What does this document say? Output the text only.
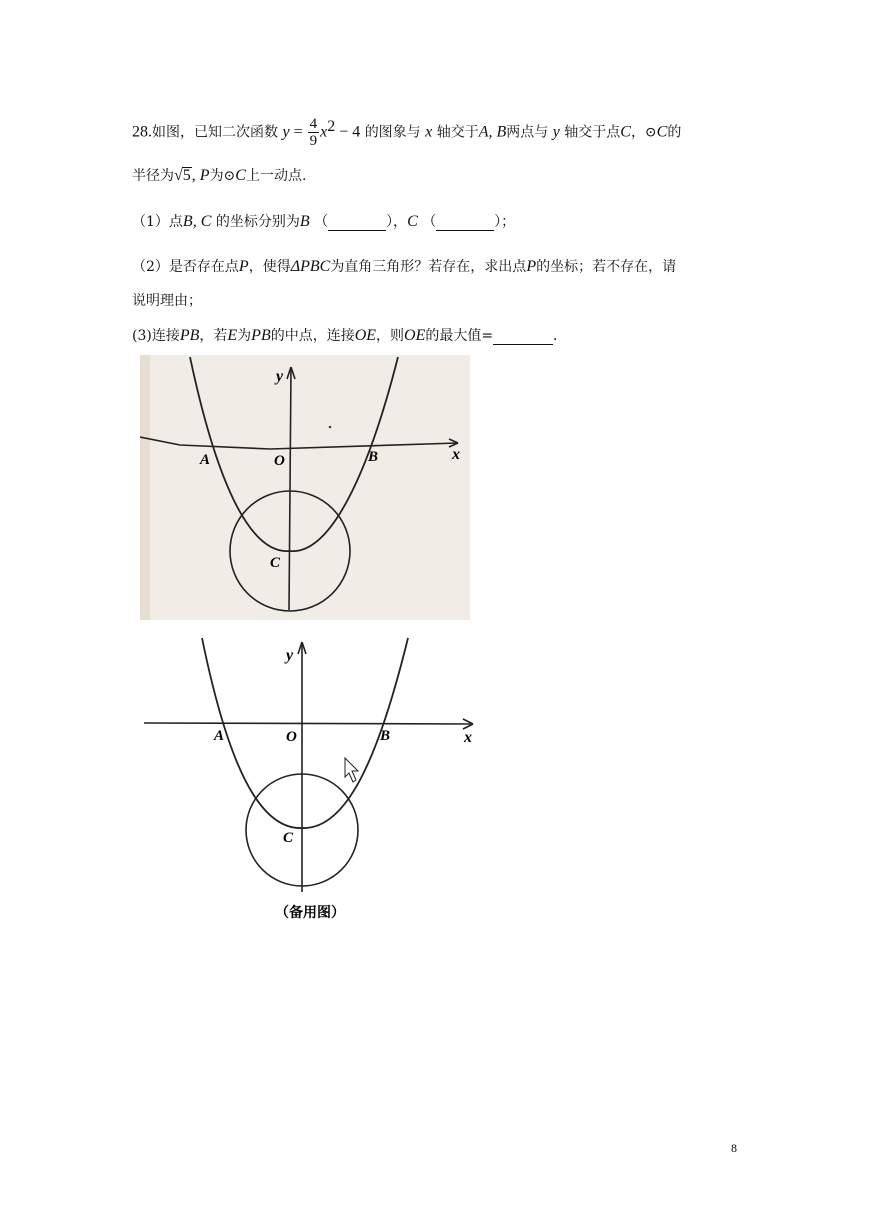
28.如图，已知二次函数 $y = \frac{4}{9} x^2 - 4$ 的图象与 x 轴交于A, B两点与 y 轴交于点C，⊙C的
半径为√5, P为⊙C上一动点.
（1）点B, C 的坐标分别为B （	），C （	）；
（2）是否存在点P，使得ΔPBC为直角三角形？若存在，求出点P的坐标；若不存在，请
说明理由；
(3)连接PB，若E为PB的中点，连接OE，则OE的最大值=	.
y
x
A	O	B
C
y
x
A	O	B
C
（备用图）
8
